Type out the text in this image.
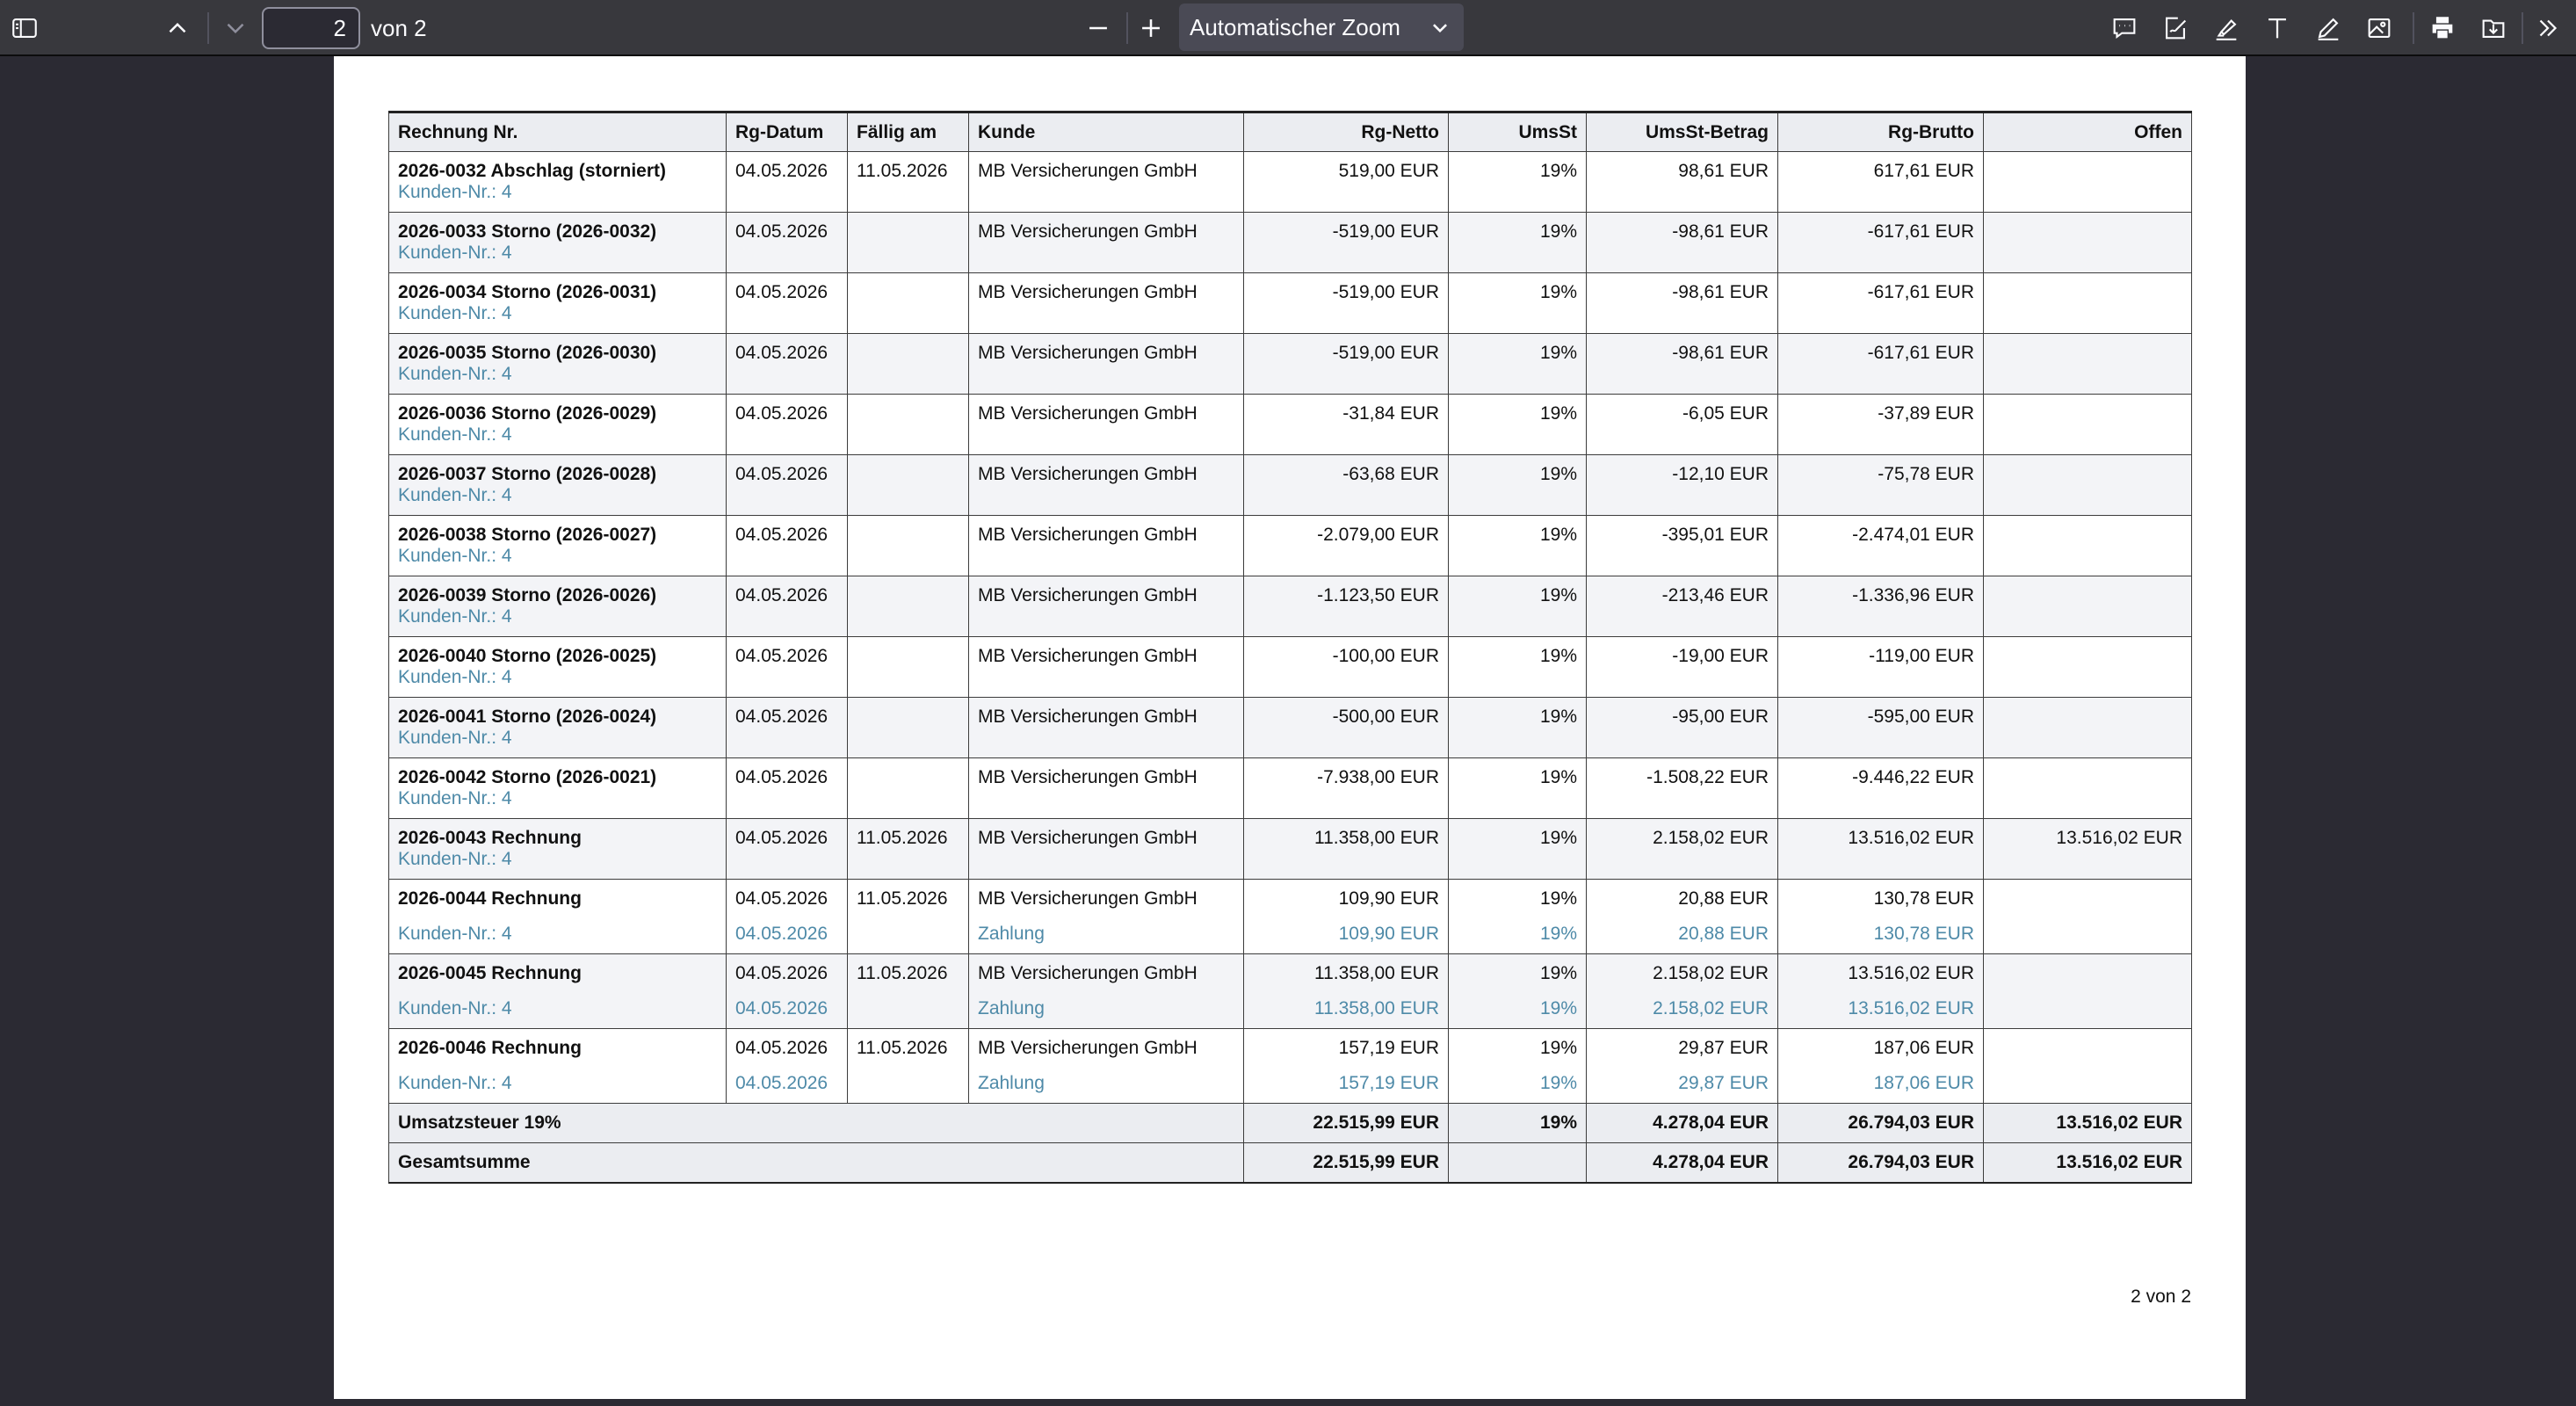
2	von 2	Automatischer Zoom
Rechnung Nr.	Rg-Datum	Fällig am	Kunde	Rg-Netto	UmsSt	UmsSt-Betrag	Rg-Brutto	Offen
2026-0032 Abschlag (storniert)	04.05.2026	11.05.2026	MB Versicherungen GmbH	519,00 EUR	19%	98,61 EUR	617,61 EUR	
Kunden-Nr.: 4								
2026-0033 Storno (2026-0032)	04.05.2026		MB Versicherungen GmbH	-519,00 EUR	19%	-98,61 EUR	-617,61 EUR	
Kunden-Nr.: 4								
2026-0034 Storno (2026-0031)	04.05.2026		MB Versicherungen GmbH	-519,00 EUR	19%	-98,61 EUR	-617,61 EUR	
Kunden-Nr.: 4								
2026-0035 Storno (2026-0030)	04.05.2026		MB Versicherungen GmbH	-519,00 EUR	19%	-98,61 EUR	-617,61 EUR	
Kunden-Nr.: 4								
2026-0036 Storno (2026-0029)	04.05.2026		MB Versicherungen GmbH	-31,84 EUR	19%	-6,05 EUR	-37,89 EUR	
Kunden-Nr.: 4								
2026-0037 Storno (2026-0028)	04.05.2026		MB Versicherungen GmbH	-63,68 EUR	19%	-12,10 EUR	-75,78 EUR	
Kunden-Nr.: 4								
2026-0038 Storno (2026-0027)	04.05.2026		MB Versicherungen GmbH	-2.079,00 EUR	19%	-395,01 EUR	-2.474,01 EUR	
Kunden-Nr.: 4								
2026-0039 Storno (2026-0026)	04.05.2026		MB Versicherungen GmbH	-1.123,50 EUR	19%	-213,46 EUR	-1.336,96 EUR	
Kunden-Nr.: 4								
2026-0040 Storno (2026-0025)	04.05.2026		MB Versicherungen GmbH	-100,00 EUR	19%	-19,00 EUR	-119,00 EUR	
Kunden-Nr.: 4								
2026-0041 Storno (2026-0024)	04.05.2026		MB Versicherungen GmbH	-500,00 EUR	19%	-95,00 EUR	-595,00 EUR	
Kunden-Nr.: 4								
2026-0042 Storno (2026-0021)	04.05.2026		MB Versicherungen GmbH	-7.938,00 EUR	19%	-1.508,22 EUR	-9.446,22 EUR	
Kunden-Nr.: 4								
2026-0043 Rechnung	04.05.2026	11.05.2026	MB Versicherungen GmbH	11.358,00 EUR	19%	2.158,02 EUR	13.516,02 EUR	13.516,02 EUR
Kunden-Nr.: 4								
2026-0044 Rechnung	04.05.2026	11.05.2026	MB Versicherungen GmbH	109,90 EUR	19%	20,88 EUR	130,78 EUR	
Kunden-Nr.: 4	04.05.2026		Zahlung	109,90 EUR	19%	20,88 EUR	130,78 EUR	
2026-0045 Rechnung	04.05.2026	11.05.2026	MB Versicherungen GmbH	11.358,00 EUR	19%	2.158,02 EUR	13.516,02 EUR	
Kunden-Nr.: 4	04.05.2026		Zahlung	11.358,00 EUR	19%	2.158,02 EUR	13.516,02 EUR	
2026-0046 Rechnung	04.05.2026	11.05.2026	MB Versicherungen GmbH	157,19 EUR	19%	29,87 EUR	187,06 EUR	
Kunden-Nr.: 4	04.05.2026		Zahlung	157,19 EUR	19%	29,87 EUR	187,06 EUR	
Umsatzsteuer 19%				22.515,99 EUR	19%	4.278,04 EUR	26.794,03 EUR	13.516,02 EUR
Gesamtsumme				22.515,99 EUR		4.278,04 EUR	26.794,03 EUR	13.516,02 EUR
2 von 2
